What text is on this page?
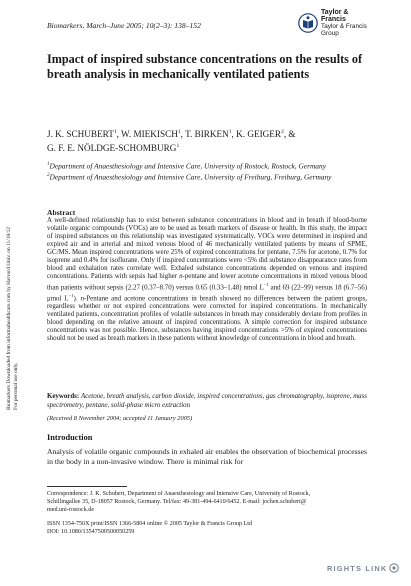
Biomarkers Downloaded from informahealthcare.com by Harvard Univ. on 11/18/12 For personal use only.
Biomarkers, March–June 2005; 10(2–3): 138–152
Taylor & Francis
Taylor & Francis Group
Impact of inspired substance concentrations on the results of breath analysis in mechanically ventilated patients
J. K. SCHUBERT$^1$, W. MIEKISCH$^1$, T. BIRKEN$^1$, K. GEIGER$^2$, &
G. F. E. NÖLDGE-SCHOMBURG$^1$
$^1$Department of Anaesthesiology and Intensive Care, University of Rostock, Rostock, Germany
$^2$Department of Anaesthesiology and Intensive Care, University of Freiburg, Freiburg, Germany
Abstract

A well-defined relationship has to exist between substance concentrations in blood and in breath if blood-borne volatile organic compounds (VOCs) are to be used as breath markers of disease or health. In this study, the impact of inspired substances on this relationship was investigated systematically. VOCs were determined in inspired and expired air and in arterial and mixed venous blood of 46 mechanically ventilated patients by means of SPME, GC/MS. Mean inspired concentrations were 25% of expired concentrations for pentane, 7.5% for acetone, 0.7% for isoprene and 0.4% for isoflurane. Only if inspired concentrations were <5% did substance disappearance rates from blood and exhalation rates correlate well. Exhaled substance concentrations depended on venous and inspired concentrations. Patients with sepsis had higher n-pentane and lower acetone concentrations in mixed venous blood than patients without sepsis (2.27 (0.37–8.70) versus 0.65 (0.33–1.48) nmol $L^{-1}$ and 69 (22–99) versus 18 (6.7–56) μmol $L^{-1}$). n-Pentane and acetone concentrations in breath showed no differences between the patient groups, regardless whether or not expired concentrations were corrected for inspired concentrations. In mechanically ventilated patients, concentration profiles of volatile substances in breath may considerably deviate from profiles in blood depending on the relative amount of inspired concentrations. A simple correction for inspired substance concentrations was not possible. Hence, substances having inspired concentrations >5% of expired concentrations should not be used as breath markers in these patients without knowledge of concentrations in blood and breath.

Keywords: Acetone, breath analysis, carbon dioxide, inspired concentrations, gas chromatography, isoprene, mass spectrometry, pentane, solid-phase micro extraction
(Received 8 November 2004; accepted 11 January 2005)
Introduction

Analysis of volatile organic compounds in exhaled air enables the observation of biochemical processes in the body in a non-invasive window. There is minimal risk for

Correspondence: J. K. Schubert, Department of Anaesthesiology and Intensive Care, University of Rostock,
Schillingallee 35, D-18057 Rostock, Germany. Tel/fax: 49-381-494-6410/6452. E-mail: jochen.schubert@
med.uni-rostock.de
ISSN 1354-750X print/ISSN 1366-5804 online © 2005 Taylor & Francis Group Ltd
DOI: 10.1080/13547500500050259
RIGHTS LINK
